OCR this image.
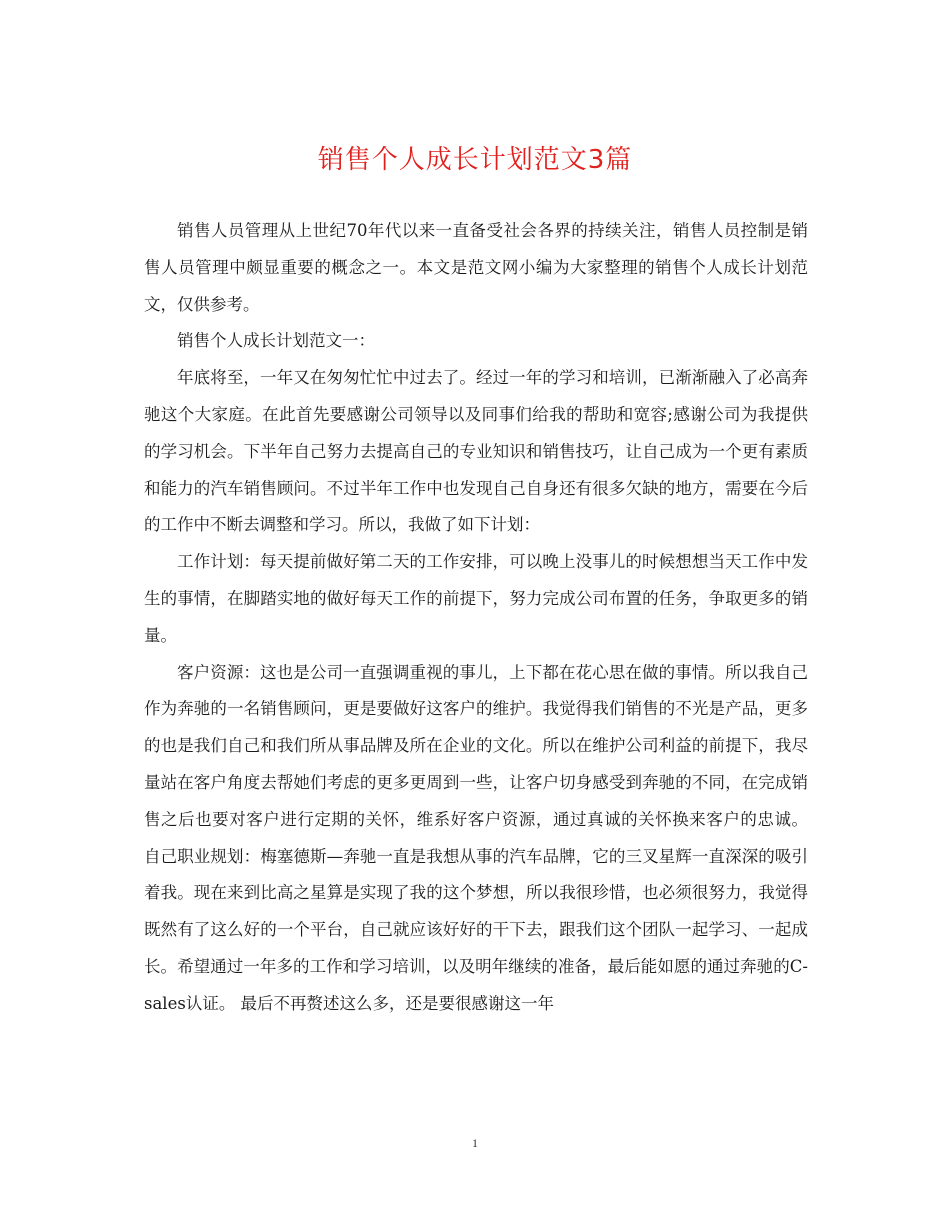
销售个人成长计划范文3篇

销售人员管理从上世纪70年代以来一直备受社会各界的持续关注，销售人员控制是销售人员管理中颇显重要的概念之一。本文是范文网小编为大家整理的销售个人成长计划范文，仅供参考。

销售个人成长计划范文一：

年底将至，一年又在匆匆忙忙中过去了。经过一年的学习和培训，已渐渐融入了必高奔驰这个大家庭。在此首先要感谢公司领导以及同事们给我的帮助和宽容;感谢公司为我提供的学习机会。下半年自己努力去提高自己的专业知识和销售技巧，让自己成为一个更有素质和能力的汽车销售顾问。不过半年工作中也发现自己自身还有很多欠缺的地方，需要在今后的工作中不断去调整和学习。所以，我做了如下计划：

工作计划：每天提前做好第二天的工作安排，可以晚上没事儿的时候想想当天工作中发生的事情，在脚踏实地的做好每天工作的前提下，努力完成公司布置的任务，争取更多的销量。

客户资源：这也是公司一直强调重视的事儿，上下都在花心思在做的事情。所以我自己作为奔驰的一名销售顾问，更是要做好这客户的维护。我觉得我们销售的不光是产品，更多的也是我们自己和我们所从事品牌及所在企业的文化。所以在维护公司利益的前提下，我尽量站在客户角度去帮她们考虑的更多更周到一些，让客户切身感受到奔驰的不同，在完成销售之后也要对客户进行定期的关怀，维系好客户资源，通过真诚的关怀换来客户的忠诚。 自己职业规划：梅塞德斯—奔驰一直是我想从事的汽车品牌，它的三叉星辉一直深深的吸引着我。现在来到比高之星算是实现了我的这个梦想，所以我很珍惜，也必须很努力，我觉得既然有了这么好的一个平台，自己就应该好好的干下去，跟我们这个团队一起学习、一起成长。希望通过一年多的工作和学习培训，以及明年继续的准备，最后能如愿的通过奔驰的C-sales认证。 最后不再赘述这么多，还是要很感谢这一年

1
